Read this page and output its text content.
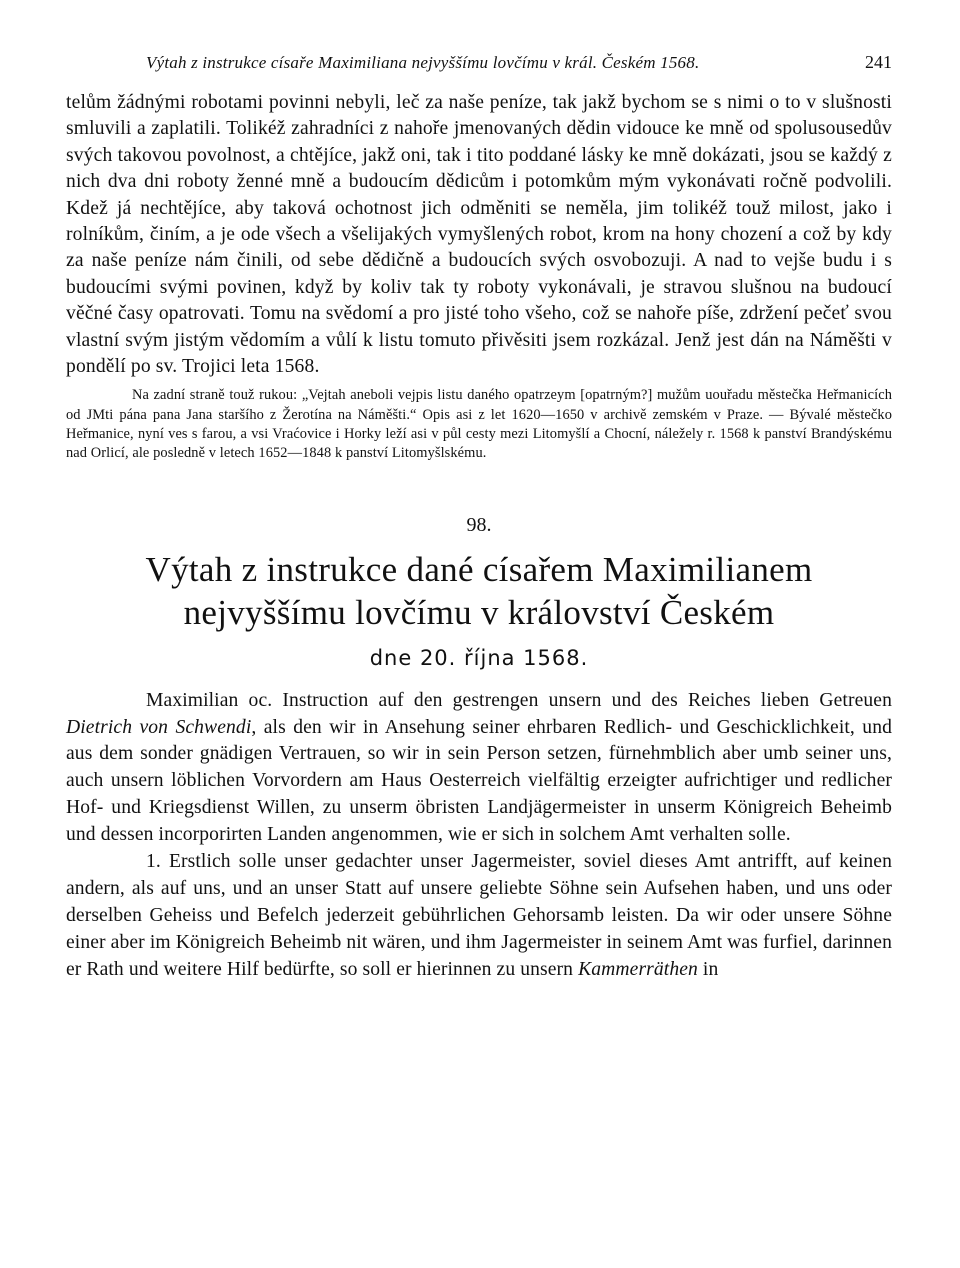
Výtah z instrukce císaře Maximiliana nejvyššímu lovčímu v král. Českém 1568.	241

telům žádnými robotami povinni nebyli, leč za naše peníze, tak jakž bychom se s nimi o to v slušnosti smluvili a zaplatili. Tolikéž zahradníci z nahoře jmenovaných dědin vidouce ke mně od spolusousedův svých takovou povolnost, a chtějíce, jakž oni, tak i tito poddané lásky ke mně dokázati, jsou se každý z nich dva dni roboty ženné mně a budoucím dědicům i potomkům mým vykonávati ročně podvolili. Kdež já nechtějíce, aby taková ochotnost jich odměniti se neměla, jim tolikéž touž milost, jako i rolníkům, činím, a je ode všech a všelijakých vymyšlených robot, krom na hony chození a což by kdy za naše peníze nám činili, od sebe dědičně a budoucích svých osvobozuji. A nad to vejše budu i s budoucími svými povinen, když by koliv tak ty roboty vykonávali, je stravou slušnou na budoucí věčné časy opatrovati. Tomu na svědomí a pro jisté toho všeho, což se nahoře píše, zdržení pečeť svou vlastní svým jistým vědomím a vůlí k listu tomuto přivěsiti jsem rozkázal. Jenž jest dán na Náměšti v pondělí po sv. Trojici leta 1568.

Na zadní straně touž rukou: „Vejtah aneboli vejpis listu daného opatrzeym [opatrným?] mužům uouřadu městečka Heřmanicích od JMti pána pana Jana staršího z Žerotína na Náměšti.“ Opis asi z let 1620—1650 v archivě zemském v Praze. — Bývalé městečko Heřmanice, nyní ves s farou, a vsi Vraćovice i Horky leží asi v půl cesty mezi Litomyšlí a Chocní, náležely r. 1568 k panství Brandýskému nad Orlicí, ale posledně v letech 1652—1848 k panství Litomyšlskému.

98.
Výtah z instrukce dané císařem Maximilianem
nejvyššímu lovčímu v království Českém
dne 20. října 1568.

Maximilian oc. Instruction auf den gestrengen unsern und des Reiches lieben Getreuen Dietrich von Schwendi, als den wir in Ansehung seiner ehrbaren Redlich- und Geschicklichkeit, und aus dem sonder gnädigen Vertrauen, so wir in sein Person setzen, fürnehmblich aber umb seiner uns, auch unsern löblichen Vorvordern am Haus Oesterreich vielfältig erzeigter aufrichtiger und redlicher Hof- und Kriegsdienst Willen, zu unserm öbristen Landjägermeister in unserm Königreich Beheimb und dessen incorporirten Landen angenommen, wie er sich in solchem Amt verhalten solle.

1. Erstlich solle unser gedachter unser Jagermeister, soviel dieses Amt antrifft, auf keinen andern, als auf uns, und an unser Statt auf unsere geliebte Söhne sein Aufsehen haben, und uns oder derselben Geheiss und Befelch jederzeit gebührlichen Gehorsamb leisten. Da wir oder unsere Söhne einer aber im Königreich Beheimb nit wären, und ihm Jagermeister in seinem Amt was furfiel, darinnen er Rath und weitere Hilf bedürfte, so soll er hierinnen zu unsern Kammerräthen in
